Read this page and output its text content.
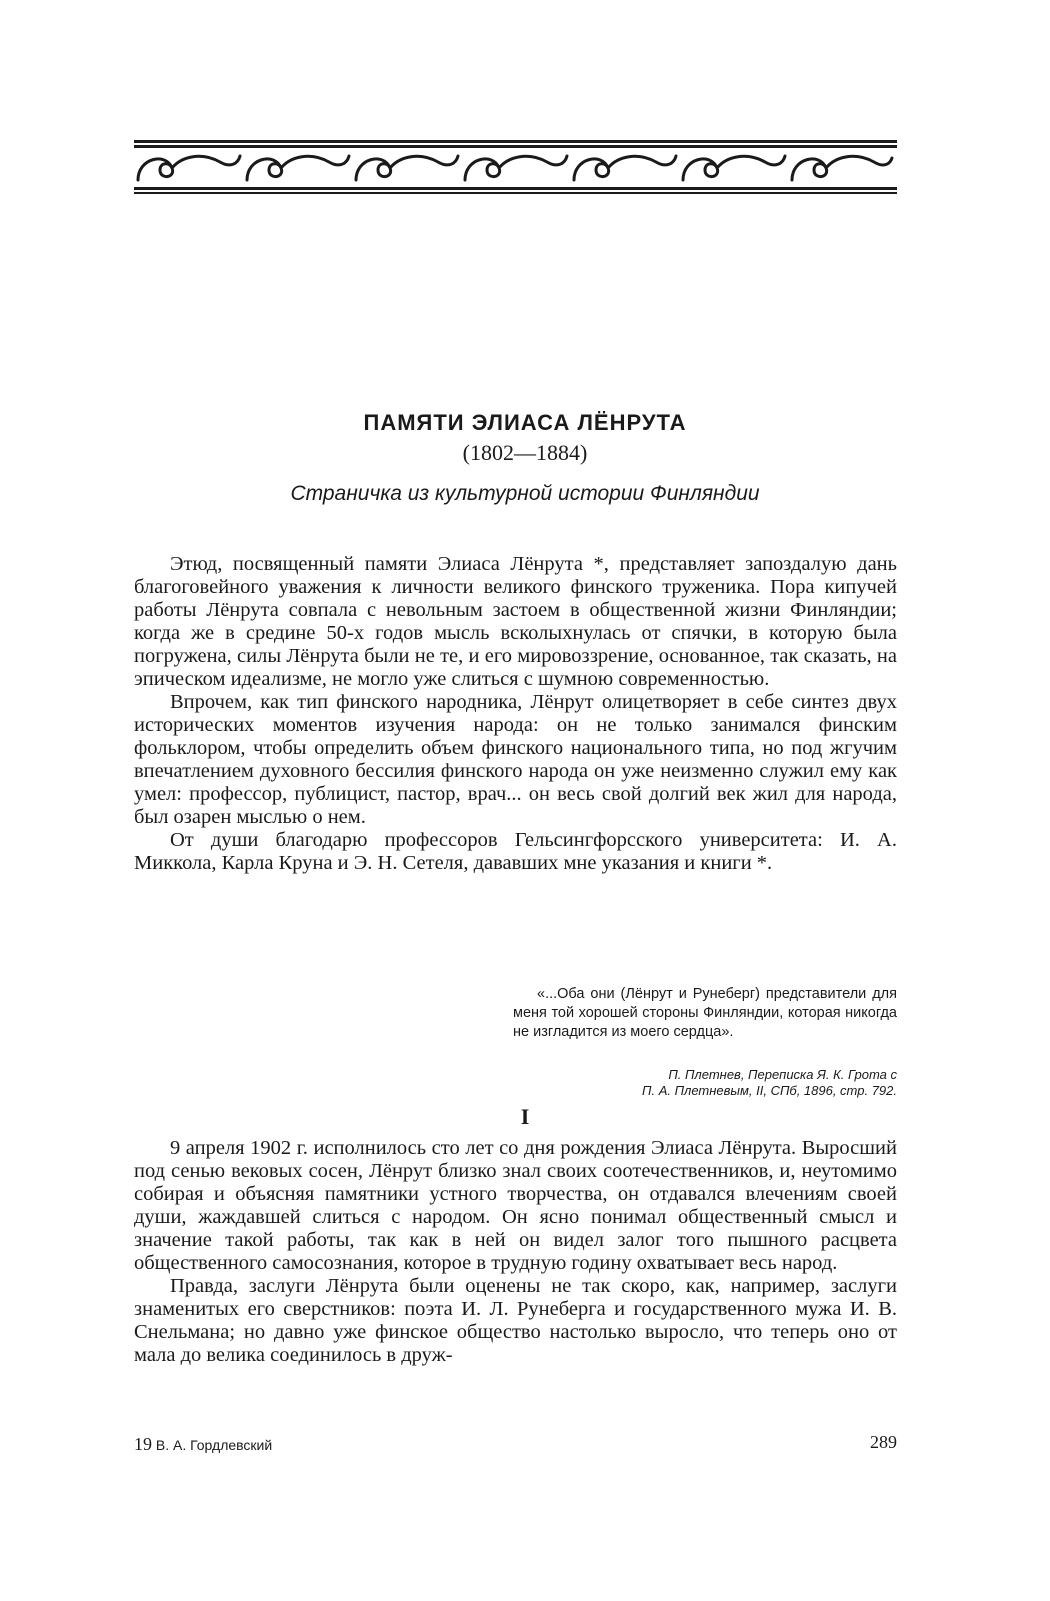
ПАМЯТИ ЭЛИАСА ЛЁНРУТА
(1802—1884)
Страничка из культурной истории Финляндии

Этюд, посвященный памяти Элиаса Лёнрута *, представляет запоздалую дань благоговейного уважения к личности великого финского труженика. Пора кипучей работы Лёнрута совпала с невольным застоем в общественной жизни Финляндии; когда же в средине 50-х годов мысль всколыхнулась от спячки, в которую была погружена, силы Лёнрута были не те, и его мировоззрение, основанное, так сказать, на эпическом идеализме, не могло уже слиться с шумною современностью.

Впрочем, как тип финского народника, Лёнрут олицетворяет в себе синтез двух исторических моментов изучения народа: он не только занимался финским фольклором, чтобы определить объем финского национального типа, но под жгучим впечатлением духовного бессилия финского народа он уже неизменно служил ему как умел: профессор, публицист, пастор, врач... он весь свой долгий век жил для народа, был озарен мыслью о нем.

От души благодарю профессоров Гельсингфорсского университета: И. А. Миккола, Карла Круна и Э. Н. Сетеля, дававших мне указания и книги *.

«...Оба они (Лёнрут и Рунеберг) представители для меня той хорошей стороны Финляндии, которая никогда не изгладится из моего сердца».

П. Плетнев, Переписка Я. К. Грота с
П. А. Плетневым, II, СПб, 1896, стр. 792.
I

9 апреля 1902 г. исполнилось сто лет со дня рождения Элиаса Лёнрута. Выросший под сенью вековых сосен, Лёнрут близко знал своих соотечественников, и, неутомимо собирая и объясняя памятники устного творчества, он отдавался влечениям своей души, жаждавшей слиться с народом. Он ясно понимал общественный смысл и значение такой работы, так как в ней он видел залог того пышного расцвета общественного самосознания, которое в трудную годину охватывает весь народ.

Правда, заслуги Лёнрута были оценены не так скоро, как, например, заслуги знаменитых его сверстников: поэта И. Л. Рунеберга и государственного мужа И. В. Снельмана; но давно уже финское общество настолько выросло, что теперь оно от мала до велика соединилось в друж-

19 В. А. Гордлевский	289
